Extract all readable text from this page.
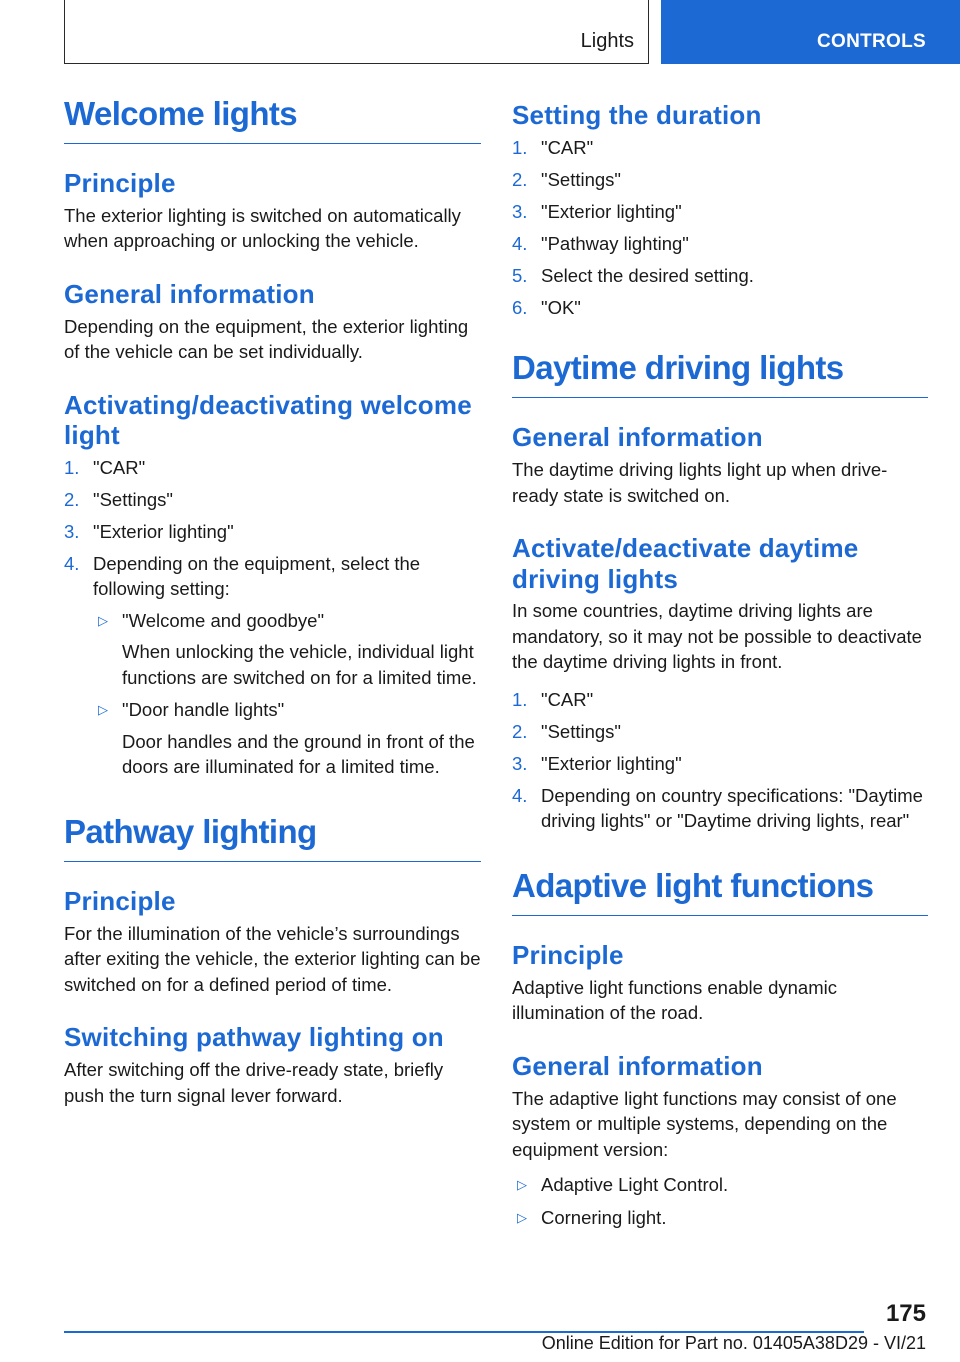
Lights	CONTROLS
Welcome lights
Principle
The exterior lighting is switched on automatically when approaching or unlocking the vehicle.
General information
Depending on the equipment, the exterior lighting of the vehicle can be set individually.
Activating/deactivating welcome light
1. "CAR"
2. "Settings"
3. "Exterior lighting"
4. Depending on the equipment, select the following setting:
▷ "Welcome and goodbye"
When unlocking the vehicle, individual light functions are switched on for a limited time.
▷ "Door handle lights"
Door handles and the ground in front of the doors are illuminated for a limited time.
Pathway lighting
Principle
For the illumination of the vehicle’s surroundings after exiting the vehicle, the exterior lighting can be switched on for a defined period of time.
Switching pathway lighting on
After switching off the drive-ready state, briefly push the turn signal lever forward.
Setting the duration
1. "CAR"
2. "Settings"
3. "Exterior lighting"
4. "Pathway lighting"
5. Select the desired setting.
6. "OK"
Daytime driving lights
General information
The daytime driving lights light up when drive-ready state is switched on.
Activate/deactivate daytime driving lights
In some countries, daytime driving lights are mandatory, so it may not be possible to deactivate the daytime driving lights in front.
1. "CAR"
2. "Settings"
3. "Exterior lighting"
4. Depending on country specifications: "Daytime driving lights" or "Daytime driving lights, rear"
Adaptive light functions
Principle
Adaptive light functions enable dynamic illumination of the road.
General information
The adaptive light functions may consist of one system or multiple systems, depending on the equipment version:
▷ Adaptive Light Control.
▷ Cornering light.
175
Online Edition for Part no. 01405A38D29 - VI/21
